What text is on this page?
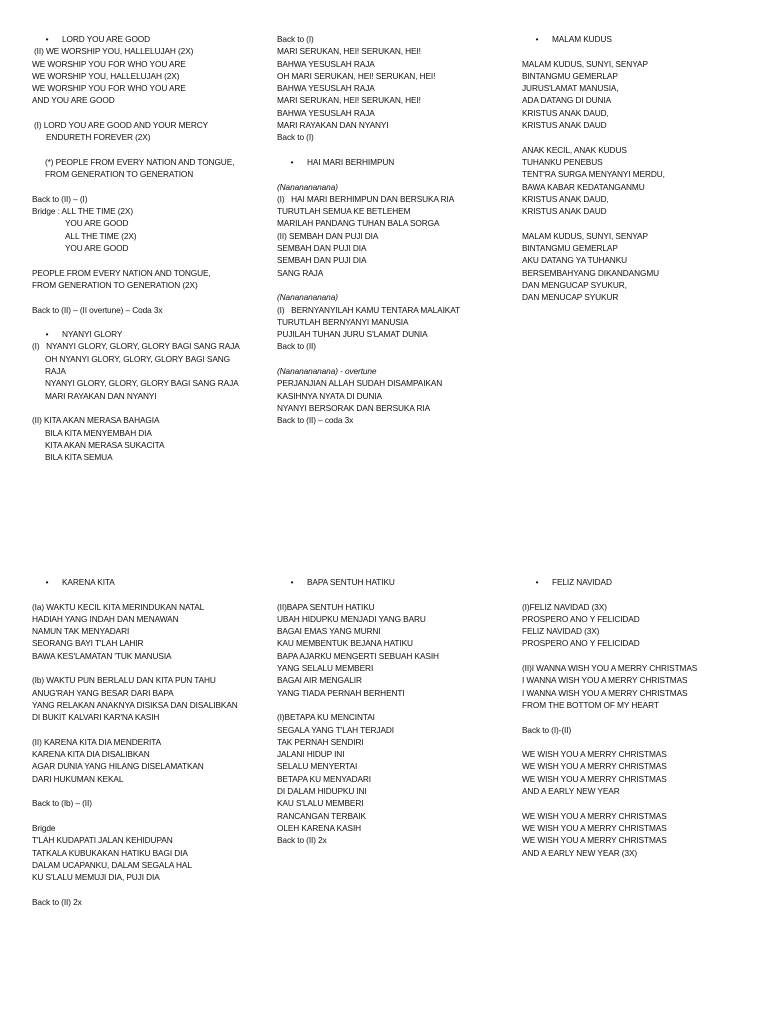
• LORD YOU ARE GOOD
(II) WE WORSHIP YOU, HALLELUJAH (2X)
WE WORSHIP YOU FOR WHO YOU ARE
WE WORSHIP YOU, HALLELUJAH (2X)
WE WORSHIP YOU FOR WHO YOU ARE
AND YOU ARE GOOD
(I) LORD YOU ARE GOOD AND YOUR MERCY
ENDURETH FOREVER (2X)
(*) PEOPLE FROM EVERY NATION AND TONGUE,
FROM GENERATION TO GENERATION
Back to (II) – (I)
Bridge : ALL THE TIME (2X)
YOU ARE GOOD
ALL THE TIME (2X)
YOU ARE GOOD
PEOPLE FROM EVERY NATION AND TONGUE,
FROM GENERATION TO GENERATION (2X)
Back to (II) – (II overtune) – Coda 3x
• NYANYI GLORY
(I)   NYANYI GLORY, GLORY, GLORY BAGI SANG RAJA
OH NYANYI GLORY, GLORY, GLORY BAGI SANG
RAJA
NYANYI GLORY, GLORY, GLORY BAGI SANG RAJA
MARI RAYAKAN DAN NYANYI
(II) KITA AKAN MERASA BAHAGIA
BILA KITA MENYEMBAH DIA
KITA AKAN MERASA SUKACITA
BILA KITA SEMUA
Back to (I)
MARI SERUKAN, HEI! SERUKAN, HEI!
BAHWA YESUSLAH RAJA
OH MARI SERUKAN, HEI! SERUKAN, HEI!
BAHWA YESUSLAH RAJA
MARI SERUKAN, HEI! SERUKAN, HEI!
BAHWA YESUSLAH RAJA
MARI RAYAKAN DAN NYANYI
Back to (I)
• HAI MARI BERHIMPUN
(Nananananana)
(I)   HAI MARI BERHIMPUN DAN BERSUKA RIA
TURUTLAH SEMUA KE BETLEHEM
MARILAH PANDANG TUHAN BALA SORGA
(II) SEMBAH DAN PUJI DIA
SEMBAH DAN PUJI DIA
SEMBAH DAN PUJI DIA
SANG RAJA
(Nananananana)
(I)   BERNYANYILAH KAMU TENTARA MALAIKAT
TURUTLAH BERNYANYI MANUSIA
PUJILAH TUHAN JURU S'LAMAT DUNIA
Back to (II)
(Nananananana) - overtune
PERJANJIAN ALLAH SUDAH DISAMPAIKAN
KASIHNYA NYATA DI DUNIA
NYANYI BERSORAK DAN BERSUKA RIA
Back to (II) – coda 3x
• MALAM KUDUS
MALAM KUDUS, SUNYI, SENYAP
BINTANGMU GEMERLAP
JURUS'LAMAT MANUSIA,
ADA DATANG DI DUNIA
KRISTUS ANAK DAUD,
KRISTUS ANAK DAUD
ANAK KECIL, ANAK KUDUS
TUHANKU PENEBUS
TENT'RA SURGA MENYANYI MERDU,
BAWA KABAR KEDATANGANMU
KRISTUS ANAK DAUD,
KRISTUS ANAK DAUD
MALAM KUDUS, SUNYI, SENYAP
BINTANGMU GEMERLAP
AKU DATANG YA TUHANKU
BERSEMBAHYANG DIKANDANGMU
DAN MENGUCAP SYUKUR,
DAN MENUCAP SYUKUR
• KARENA KITA
(Ia) WAKTU KECIL KITA MERINDUKAN NATAL
HADIAH YANG INDAH DAN MENAWAN
NAMUN TAK MENYADARI
SEORANG BAYI T'LAH LAHIR
BAWA KES'LAMATAN 'TUK MANUSIA
(Ib) WAKTU PUN BERLALU DAN KITA PUN TAHU
ANUG'RAH YANG BESAR DARI BAPA
YANG RELAKAN ANAKNYA DISIKSA DAN DISALIBKAN
DI BUKIT KALVARI KAR'NA KASIH
(II) KARENA KITA DIA MENDERITA
KARENA KITA DIA DISALIBKAN
AGAR DUNIA YANG HILANG DISELAMATKAN
DARI HUKUMAN KEKAL
Back to (Ib) – (II)
Brigde
T'LAH KUDAPATI JALAN KEHIDUPAN
TATKALA KUBUKAKAN HATIKU BAGI DIA
DALAM UCAPANKU, DALAM SEGALA HAL
KU S'LALU MEMUJI DIA, PUJI DIA
Back to (II) 2x
• BAPA SENTUH HATIKU
(II)BAPA SENTUH HATIKU
UBAH HIDUPKU MENJADI YANG BARU
BAGAI EMAS YANG MURNI
KAU MEMBENTUK BEJANA HATIKU
BAPA AJARKU MENGERTI SEBUAH KASIH
YANG SELALU MEMBERI
BAGAI AIR MENGALIR
YANG TIADA PERNAH BERHENTI
(I)BETAPA KU MENCINTAI
SEGALA YANG T'LAH TERJADI
TAK PERNAH SENDIRI
JALANI HIDUP INI
SELALU MENYERTAI
BETAPA KU MENYADARI
DI DALAM HIDUPKU INI
KAU S'LALU MEMBERI
RANCANGAN TERBAIK
OLEH KARENA KASIH
Back to (II) 2x
• FELIZ NAVIDAD
(I)FELIZ NAVIDAD (3X)
PROSPERO ANO Y FELICIDAD
FELIZ NAVIDAD (3X)
PROSPERO ANO Y FELICIDAD
(II)I WANNA WISH YOU A MERRY CHRISTMAS
I WANNA WISH YOU A MERRY CHRISTMAS
I WANNA WISH YOU A MERRY CHRISTMAS
FROM THE BOTTOM OF MY HEART
Back to (I)-(II)
WE WISH YOU A MERRY CHRISTMAS
WE WISH YOU A MERRY CHRISTMAS
WE WISH YOU A MERRY CHRISTMAS
AND A EARLY NEW YEAR
WE WISH YOU A MERRY CHRISTMAS
WE WISH YOU A MERRY CHRISTMAS
WE WISH YOU A MERRY CHRISTMAS
AND A EARLY NEW YEAR (3X)
